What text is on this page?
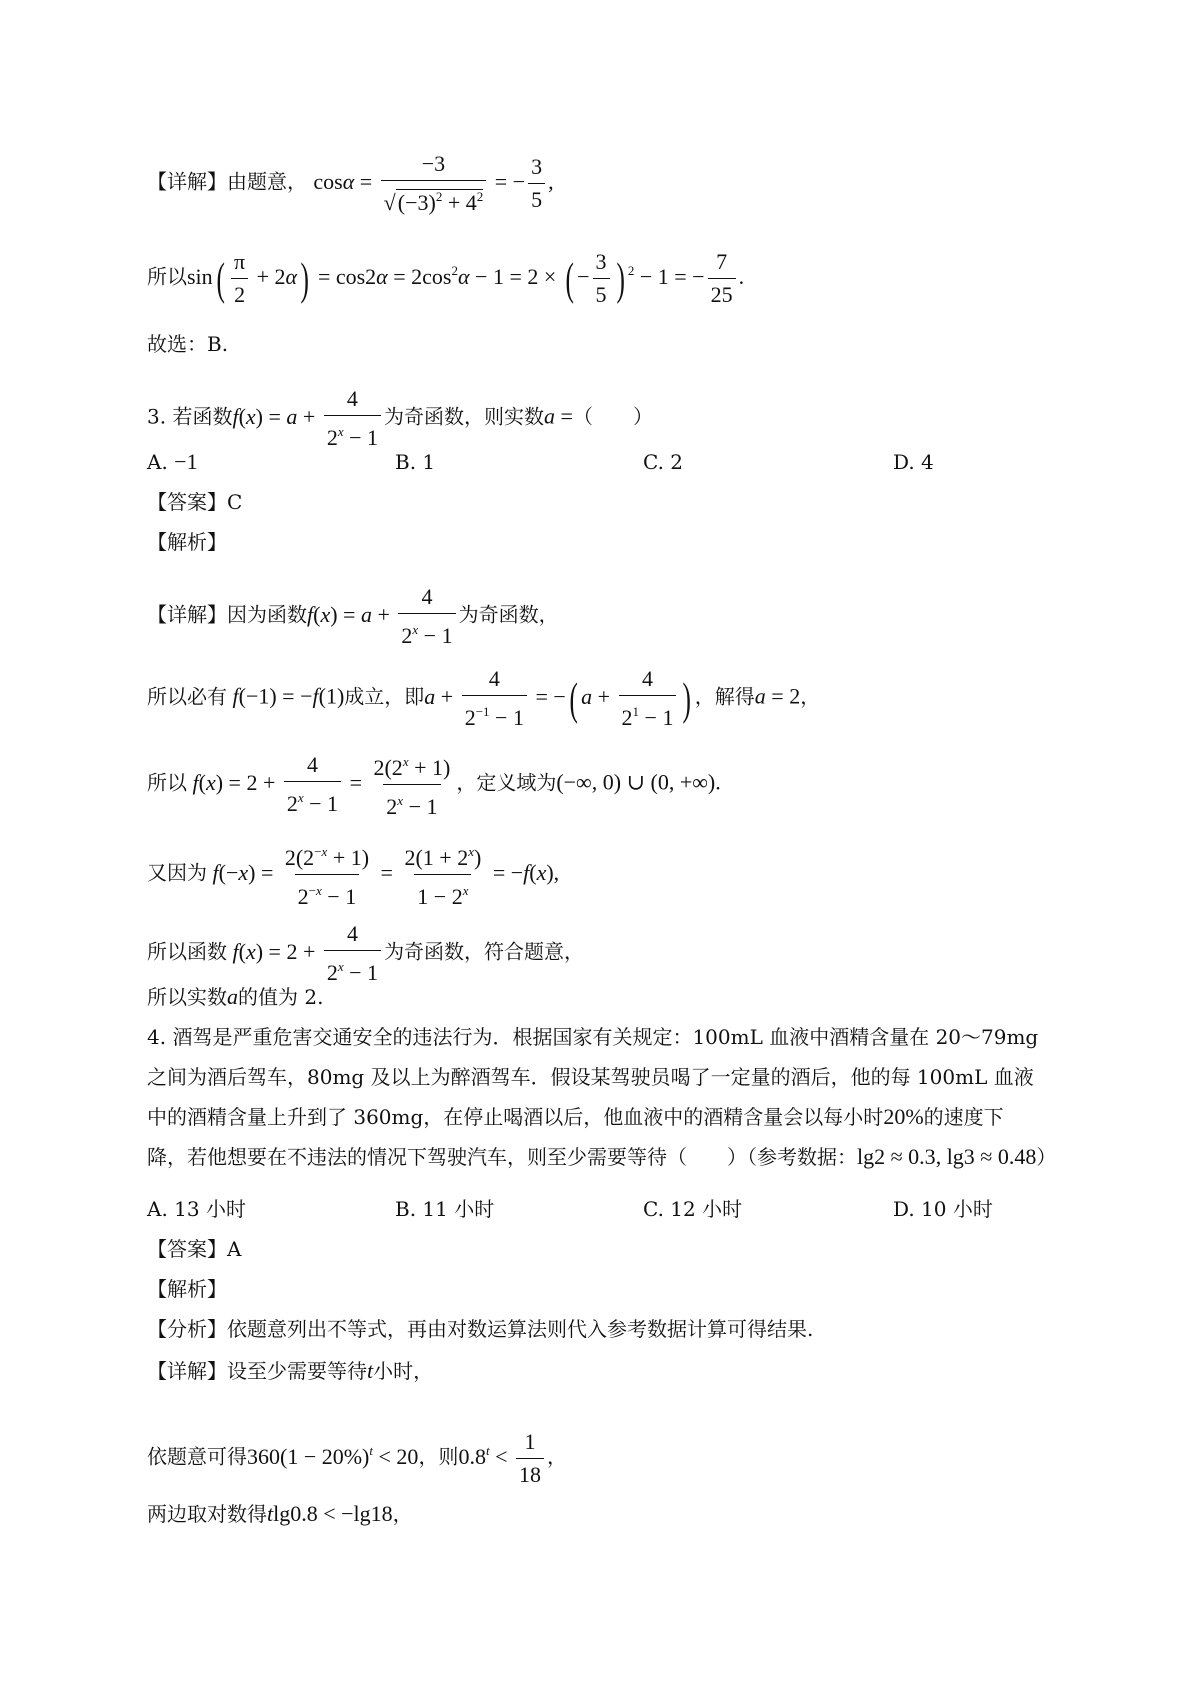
【详解】由题意， $\cos\alpha = \frac{-3}{√(-3)^2 + 4^2}$ = − $\frac{3}{5}$ ,
所以$\sin( \frac{\pi}{2} + 2\alpha) = \cos 2\alpha = 2\cos^2\alpha - 1 = 2$ × ( − $\frac{3}{5}$ ) $^2$ − 1 = − $\frac{7}{25}$ .
故选：B.
3. 若函数$f(x) = a + \frac{4}{2^x - 1}$ 为奇函数，则实数a =（　　）
A. −1	B. 1	C. 2	D. 4
【答案】C
【解析】
【详解】因为函数$f(x) = a + \frac{4}{2^x - 1}$ 为奇函数，
所以必有 f(−1) = −f(1)成立，即$a + \frac{4}{2^{-1} - 1}$ = −( $a + \frac{4}{2^1 - 1}$ ) ，解得a = 2，
所以 $f(x) = 2 + \frac{4}{2^x - 1} = \frac{2(2^x + 1)}{2^x - 1}$ ，定义域为(−∞, 0) ∪ (0, +∞).
又因为 $f(-x) = \frac{2(2^{-x} + 1)}{2^{-x} - 1} = \frac{2(1 + 2^x)}{1 - 2^x} = -f(x)$,
所以函数 $f(x) = 2 + \frac{4}{2^x - 1}$ 为奇函数，符合题意，
所以实数a的值为 2.
4. 酒驾是严重危害交通安全的违法行为．根据国家有关规定：100mL 血液中酒精含量在 20～79mg
之间为酒后驾车，80mg 及以上为醉酒驾车．假设某驾驶员喝了一定量的酒后，他的每 100mL 血液
中的酒精含量上升到了 360mg，在停止喝酒以后，他血液中的酒精含量会以每小时20%的速度下
降，若他想要在不违法的情况下驾驶汽车，则至少需要等待（　　）（参考数据：lg2 ≈ 0.3, lg3 ≈ 0.48）
A. 13 小时	B. 11 小时	C. 12 小时	D. 10 小时
【答案】A
【解析】
【分析】依题意列出不等式，再由对数运算法则代入参考数据计算可得结果.
【详解】设至少需要等待t小时，
依题意可得$360(1 - 20\%)^t < 20$，则$0.8^t < \frac{1}{18}$ ，
两边取对数得tlg0.8 < −lg18，
